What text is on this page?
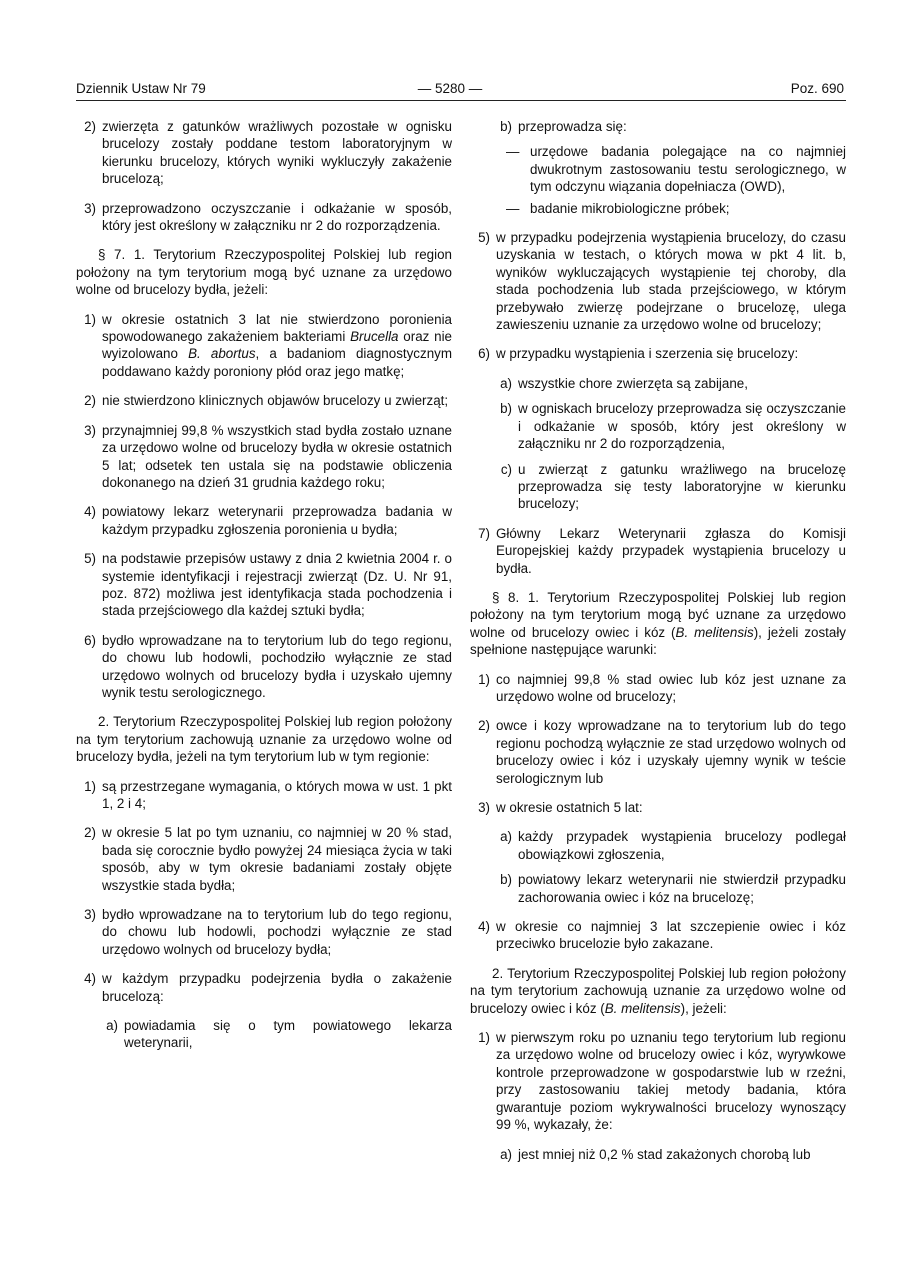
Dziennik Ustaw Nr 79	— 5280 —	Poz. 690
2) zwierzęta z gatunków wrażliwych pozostałe w ognisku brucelozy zostały poddane testom laboratoryjnym w kierunku brucelozy, których wyniki wykluczyły zakażenie brucelozą;
3) przeprowadzono oczyszczanie i odkażanie w sposób, który jest określony w załączniku nr 2 do rozporządzenia.
§ 7. 1. Terytorium Rzeczypospolitej Polskiej lub region położony na tym terytorium mogą być uznane za urzędowo wolne od brucelozy bydła, jeżeli:
1) w okresie ostatnich 3 lat nie stwierdzono poronienia spowodowanego zakażeniem bakteriami Brucella oraz nie wyizolowano B. abortus, a badaniom diagnostycznym poddawano każdy poroniony płód oraz jego matkę;
2) nie stwierdzono klinicznych objawów brucelozy u zwierząt;
3) przynajmniej 99,8 % wszystkich stad bydła zostało uznane za urzędowo wolne od brucelozy bydła w okresie ostatnich 5 lat; odsetek ten ustala się na podstawie obliczenia dokonanego na dzień 31 grudnia każdego roku;
4) powiatowy lekarz weterynarii przeprowadza badania w każdym przypadku zgłoszenia poronienia u bydła;
5) na podstawie przepisów ustawy z dnia 2 kwietnia 2004 r. o systemie identyfikacji i rejestracji zwierząt (Dz. U. Nr 91, poz. 872) możliwa jest identyfikacja stada pochodzenia i stada przejściowego dla każdej sztuki bydła;
6) bydło wprowadzane na to terytorium lub do tego regionu, do chowu lub hodowli, pochodziło wyłącznie ze stad urzędowo wolnych od brucelozy bydła i uzyskało ujemny wynik testu serologicznego.
2. Terytorium Rzeczypospolitej Polskiej lub region położony na tym terytorium zachowują uznanie za urzędowo wolne od brucelozy bydła, jeżeli na tym terytorium lub w tym regionie:
1) są przestrzegane wymagania, o których mowa w ust. 1 pkt 1, 2 i 4;
2) w okresie 5 lat po tym uznaniu, co najmniej w 20 % stad, bada się corocznie bydło powyżej 24 miesiąca życia w taki sposób, aby w tym okresie badaniami zostały objęte wszystkie stada bydła;
3) bydło wprowadzane na to terytorium lub do tego regionu, do chowu lub hodowli, pochodzi wyłącznie ze stad urzędowo wolnych od brucelozy bydła;
4) w każdym przypadku podejrzenia bydła o zakażenie brucelozą:
a) powiadamia się o tym powiatowego lekarza weterynarii,
b) przeprowadza się:
— urzędowe badania polegające na co najmniej dwukrotnym zastosowaniu testu serologicznego, w tym odczynu wiązania dopełniacza (OWD),
— badanie mikrobiologiczne próbek;
5) w przypadku podejrzenia wystąpienia brucelozy, do czasu uzyskania w testach, o których mowa w pkt 4 lit. b, wyników wykluczających wystąpienie tej choroby, dla stada pochodzenia lub stada przejściowego, w którym przebywało zwierzę podejrzane o brucelozę, ulega zawieszeniu uznanie za urzędowo wolne od brucelozy;
6) w przypadku wystąpienia i szerzenia się brucelozy:
a) wszystkie chore zwierzęta są zabijane,
b) w ogniskach brucelozy przeprowadza się oczyszczanie i odkażanie w sposób, który jest określony w załączniku nr 2 do rozporządzenia,
c) u zwierząt z gatunku wrażliwego na brucelozę przeprowadza się testy laboratoryjne w kierunku brucelozy;
7) Główny Lekarz Weterynarii zgłasza do Komisji Europejskiej każdy przypadek wystąpienia brucelozy u bydła.
§ 8. 1. Terytorium Rzeczypospolitej Polskiej lub region położony na tym terytorium mogą być uznane za urzędowo wolne od brucelozy owiec i kóz (B. melitensis), jeżeli zostały spełnione następujące warunki:
1) co najmniej 99,8 % stad owiec lub kóz jest uznane za urzędowo wolne od brucelozy;
2) owce i kozy wprowadzane na to terytorium lub do tego regionu pochodzą wyłącznie ze stad urzędowo wolnych od brucelozy owiec i kóz i uzyskały ujemny wynik w teście serologicznym lub
3) w okresie ostatnich 5 lat:
a) każdy przypadek wystąpienia brucelozy podlegał obowiązkowi zgłoszenia,
b) powiatowy lekarz weterynarii nie stwierdził przypadku zachorowania owiec i kóz na brucelozę;
4) w okresie co najmniej 3 lat szczepienie owiec i kóz przeciwko brucelozie było zakazane.
2. Terytorium Rzeczypospolitej Polskiej lub region położony na tym terytorium zachowują uznanie za urzędowo wolne od brucelozy owiec i kóz (B. melitensis), jeżeli:
1) w pierwszym roku po uznaniu tego terytorium lub regionu za urzędowo wolne od brucelozy owiec i kóz, wyrywkowe kontrole przeprowadzone w gospodarstwie lub w rzeźni, przy zastosowaniu takiej metody badania, która gwarantuje poziom wykrywalności brucelozy wynoszący 99 %, wykazały, że:
a) jest mniej niż 0,2 % stad zakażonych chorobą lub
